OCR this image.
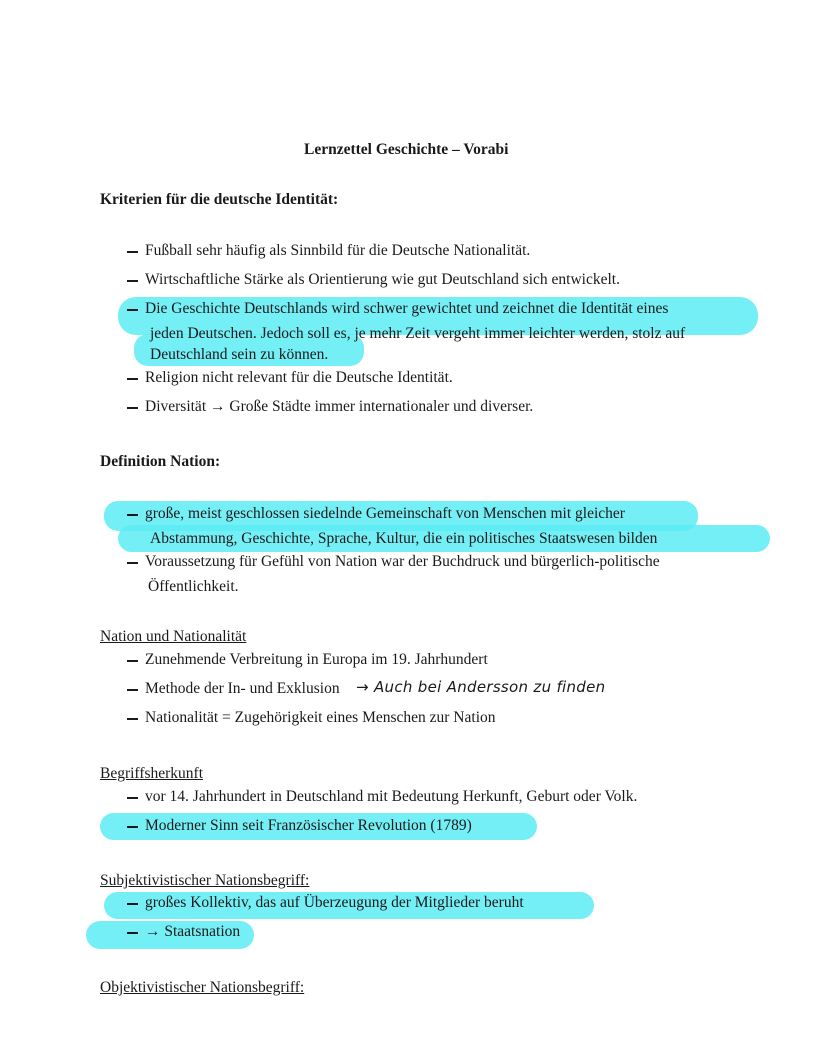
Lernzettel Geschichte – Vorabi
Kriterien für die deutsche Identität:
Fußball sehr häufig als Sinnbild für die Deutsche Nationalität.
Wirtschaftliche Stärke als Orientierung wie gut Deutschland sich entwickelt.
Die Geschichte Deutschlands wird schwer gewichtet und zeichnet die Identität eines
jeden Deutschen. Jedoch soll es, je mehr Zeit vergeht immer leichter werden, stolz auf
Deutschland sein zu können.
Religion nicht relevant für die Deutsche Identität.
Diversität → Große Städte immer internationaler und diverser.
Definition Nation:
große, meist geschlossen siedelnde Gemeinschaft von Menschen mit gleicher
Abstammung, Geschichte, Sprache, Kultur, die ein politisches Staatswesen bilden
Voraussetzung für Gefühl von Nation war der Buchdruck und bürgerlich-politische
Öffentlichkeit.
Nation und Nationalität
Zunehmende Verbreitung in Europa im 19. Jahrhundert
Methode der In- und Exklusion → Auch bei Andersson zu finden
Nationalität = Zugehörigkeit eines Menschen zur Nation
Begriffsherkunft
vor 14. Jahrhundert in Deutschland mit Bedeutung Herkunft, Geburt oder Volk.
Moderner Sinn seit Französischer Revolution (1789)
Subjektivistischer Nationsbegriff:
großes Kollektiv, das auf Überzeugung der Mitglieder beruht
→ Staatsnation
Objektivistischer Nationsbegriff:
